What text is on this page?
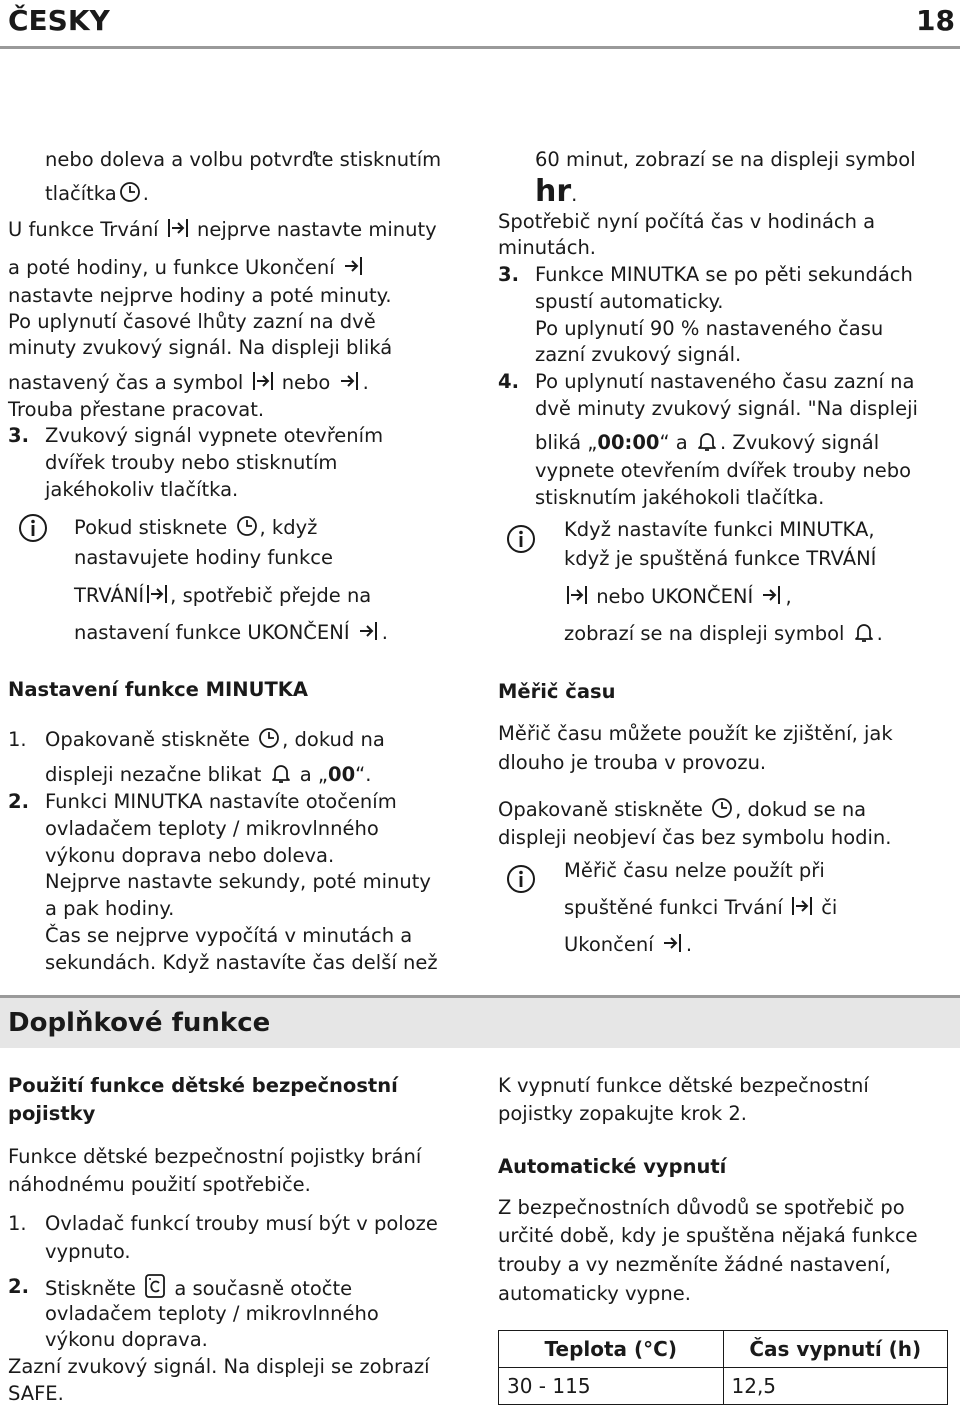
ČESKY	18
nebo doleva a volbu potvrďte stisknutím
tlačítka .
U funkce Trvání nejprve nastavte minuty
a poté hodiny, u funkce Ukončení
nastavte nejprve hodiny a poté minuty.
Po uplynutí časové lhůty zazní na dvě
minuty zvukový signál. Na displeji bliká
nastavený čas a symbol nebo .
Trouba přestane pracovat.
3. Zvukový signál vypnete otevřením
dvířek trouby nebo stisknutím
jakéhokoliv tlačítka.
Pokud stisknete , když
nastavujete hodiny funkce
TRVÁNÍ , spotřebič přejde na
nastavení funkce UKONČENÍ .
Nastavení funkce MINUTKA
1. Opakovaně stiskněte , dokud na
displeji nezačne blikat a „00“.
2. Funkci MINUTKA nastavíte otočením
ovladačem teploty / mikrovlnného
výkonu doprava nebo doleva.
Nejprve nastavte sekundy, poté minuty
a pak hodiny.
Čas se nejprve vypočítá v minutách a
sekundách. Když nastavíte čas delší než
60 minut, zobrazí se na displeji symbol
hr.
Spotřebič nyní počítá čas v hodinách a
minutách.
3. Funkce MINUTKA se po pěti sekundách
spustí automaticky.
Po uplynutí 90 % nastaveného času
zazní zvukový signál.
4. Po uplynutí nastaveného času zazní na
dvě minuty zvukový signál. "Na displeji
bliká „00:00“ a . Zvukový signál
vypnete otevřením dvířek trouby nebo
stisknutím jakéhokoli tlačítka.
Když nastavíte funkci MINUTKA,
když je spuštěná funkce TRVÁNÍ
nebo UKONČENÍ ,
zobrazí se na displeji symbol .
Měřič času
Měřič času můžete použít ke zjištění, jak
dlouho je trouba v provozu.
Opakovaně stiskněte , dokud se na
displeji neobjeví čas bez symbolu hodin.
Měřič času nelze použít při
spuštěné funkci Trvání či
Ukončení .
Doplňkové funkce
Použití funkce dětské bezpečnostní
pojistky
Funkce dětské bezpečnostní pojistky brání
náhodnému použití spotřebiče.
1. Ovladač funkcí trouby musí být v poloze
vypnuto.
2. Stiskněte a současně otočte
ovladačem teploty / mikrovlnného
výkonu doprava.
Zazní zvukový signál. Na displeji se zobrazí
SAFE.
K vypnutí funkce dětské bezpečnostní
pojistky zopakujte krok 2.
Automatické vypnutí
Z bezpečnostních důvodů se spotřebič po
určité době, kdy je spuštěna nějaká funkce
trouby a vy nezměníte žádné nastavení,
automaticky vypne.
Teplota (°C)	Čas vypnutí (h)
30 - 115	12,5
